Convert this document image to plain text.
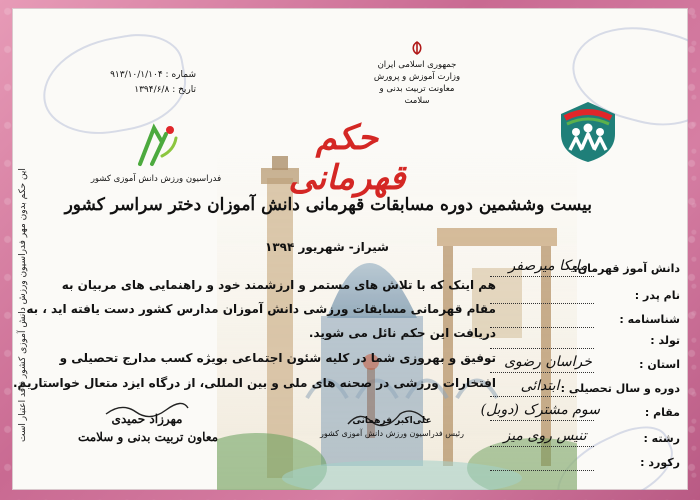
جمهوری اسلامی ایران
وزارت آموزش و پرورش
معاونت تربیت بدنی و سلامت
شماره : ۹۱۳/۱۰/۱/۱۰۴
تاریخ : ۱۳۹۴/۶/۸
فدراسیون ورزش دانش آموزی کشور
حکم قهرمانی
بیست وششمین دوره مسابقات قهرمانی دانش آموزان دختر سراسر کشور
شیراز- شهریور ۱۳۹۴
هم اینک که با تلاش های مستمر و ارزشمند خود و راهنمایی های مربیان به
مقام قهرمانی مسابقات ورزشی دانش آموزان مدارس کشور دست یافته اید ، به
دریافت این حکم نائل می شوید.
توفیق و بهروزی شما در کلیه شئون اجتماعی بویژه کسب مدارج تحصیلی و
افتخارات ورزشی در صحنه های ملی و بین المللی، از درگاه ایزد متعال خواستاریم.
دانش آموز قهرمان:
ملیکا میرصفر
نام پدر :
شناسنامه :
تولد :
استان :
خراسان رضوی
دوره و سال تحصیلی :
ابتدائی
مقام :
سوم مشترک (دوبل)
رشته :
تنیس روی میز
رکورد :
مهرزاد حمیدی
معاون تربیت بدنی و سلامت
علی‌اکبر فرهمانی
رئیس فدراسیون ورزش دانش آموزی کشور
این حکم بدون مهر فدراسیون ورزش دانش آموزی کشور فاقد اعتبار است
